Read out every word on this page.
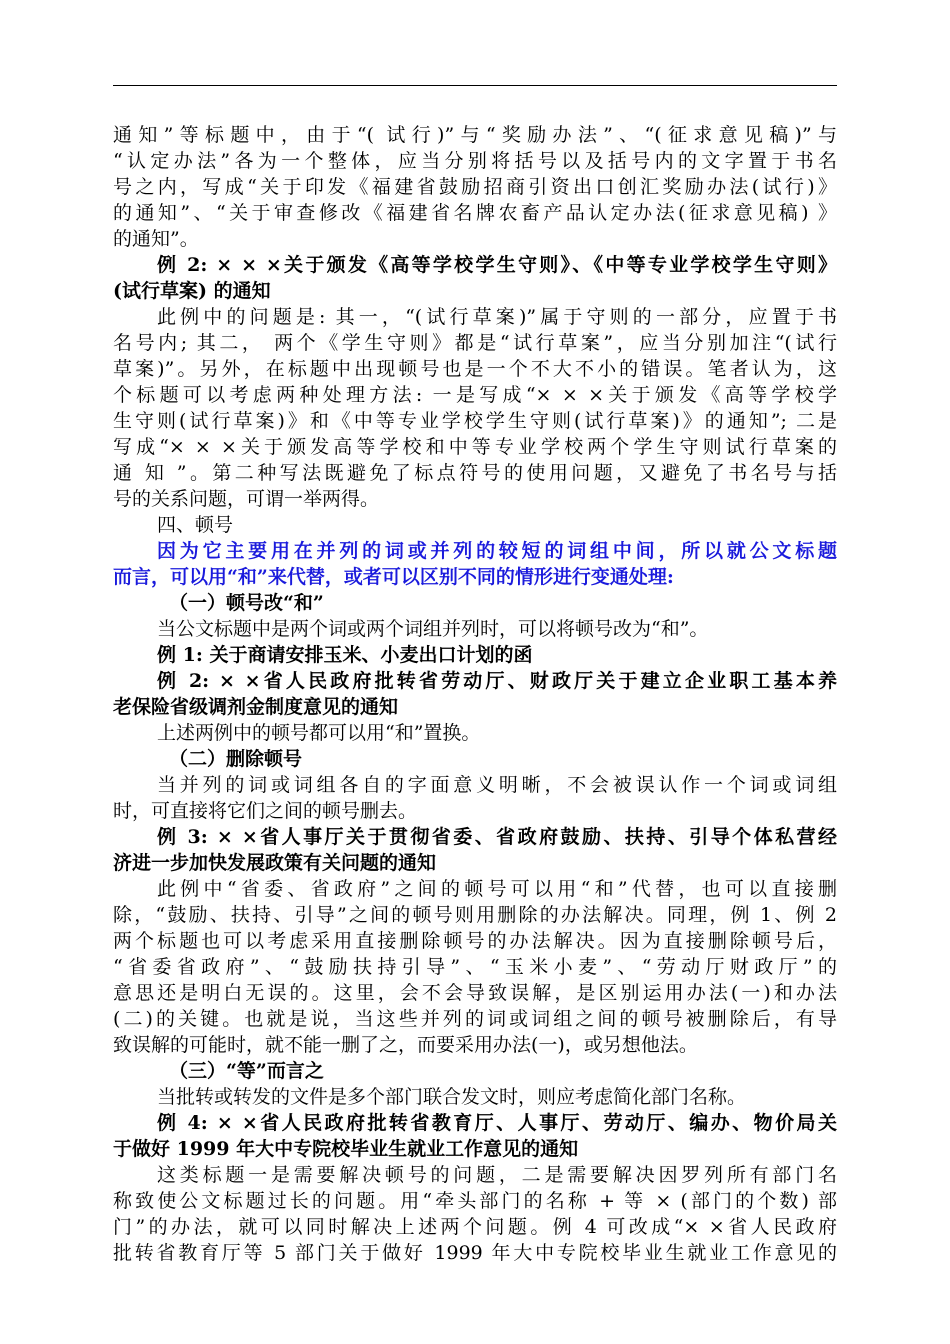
通知”等标题中，由于“( 试行)”与“奖励办法”、“(征求意见稿)”与
“认定办法”各为一个整体，应当分别将括号以及括号内的文字置于书名
号之内，写成“关于印发《福建省鼓励招商引资出口创汇奖励办法(试行)》
的通知”、“关于审查修改《福建省名牌农畜产品认定办法(征求意见稿) 》
的通知”。
例 2: × × ×关于颁发《高等学校学生守则》、《中等专业学校学生守则》
(试行草案) 的通知
此例中的问题是: 其一，“(试行草案)”属于守则的一部分，应置于书
名号内; 其二， 两个《学生守则》都是“试行草案”，应当分别加注“(试行
草案)”。另外，在标题中出现顿号也是一个不大不小的错误。笔者认为，这
个标题可以考虑两种处理方法: 一是写成“× × ×关于颁发《高等学校学
生守则(试行草案)》和《中等专业学校学生守则(试行草案)》的通知”; 二是
写成“× × ×关于颁发高等学校和中等专业学校两个学生守则试行草案的
通 知 ”。第二种写法既避免了标点符号的使用问题，又避免了书名号与括
号的关系问题，可谓一举两得。
四、顿号
因为它主要用在并列的词或并列的较短的词组中间，所以就公文标题
而言，可以用“和”来代替，或者可以区别不同的情形进行变通处理:
（一）顿号改“和”
当公文标题中是两个词或两个词组并列时，可以将顿号改为“和”。
例 1: 关于商请安排玉米、小麦出口计划的函
例 2: × ×省人民政府批转省劳动厅、财政厅关于建立企业职工基本养
老保险省级调剂金制度意见的通知
上述两例中的顿号都可以用“和”置换。
（二）删除顿号
当并列的词或词组各自的字面意义明晰，不会被误认作一个词或词组
时，可直接将它们之间的顿号删去。
例 3: × ×省人事厅关于贯彻省委、省政府鼓励、扶持、引导个体私营经
济进一步加快发展政策有关问题的通知
此例中“省委、省政府”之间的顿号可以用“和”代替，也可以直接删
除，“鼓励、扶持、引导”之间的顿号则用删除的办法解决。同理，例 1、例 2
两个标题也可以考虑采用直接删除顿号的办法解决。因为直接删除顿号后，
“省委省政府”、“鼓励扶持引导”、“玉米小麦”、“劳动厅财政厅”的
意思还是明白无误的。这里，会不会导致误解，是区别运用办法(一)和办法
(二)的关键。也就是说，当这些并列的词或词组之间的顿号被删除后，有导
致误解的可能时，就不能一删了之，而要采用办法(一)，或另想他法。
（三）“等”而言之
当批转或转发的文件是多个部门联合发文时，则应考虑简化部门名称。
例 4: × ×省人民政府批转省教育厅、人事厅、劳动厅、编办、物价局关
于做好 1999 年大中专院校毕业生就业工作意见的通知
这类标题一是需要解决顿号的问题，二是需要解决因罗列所有部门名
称致使公文标题过长的问题。用“牵头部门的名称 + 等 × (部门的个数) 部
门”的办法，就可以同时解决上述两个问题。例 4 可改成“× ×省人民政府
批转省教育厅等 5 部门关于做好 1999 年大中专院校毕业生就业工作意见的
